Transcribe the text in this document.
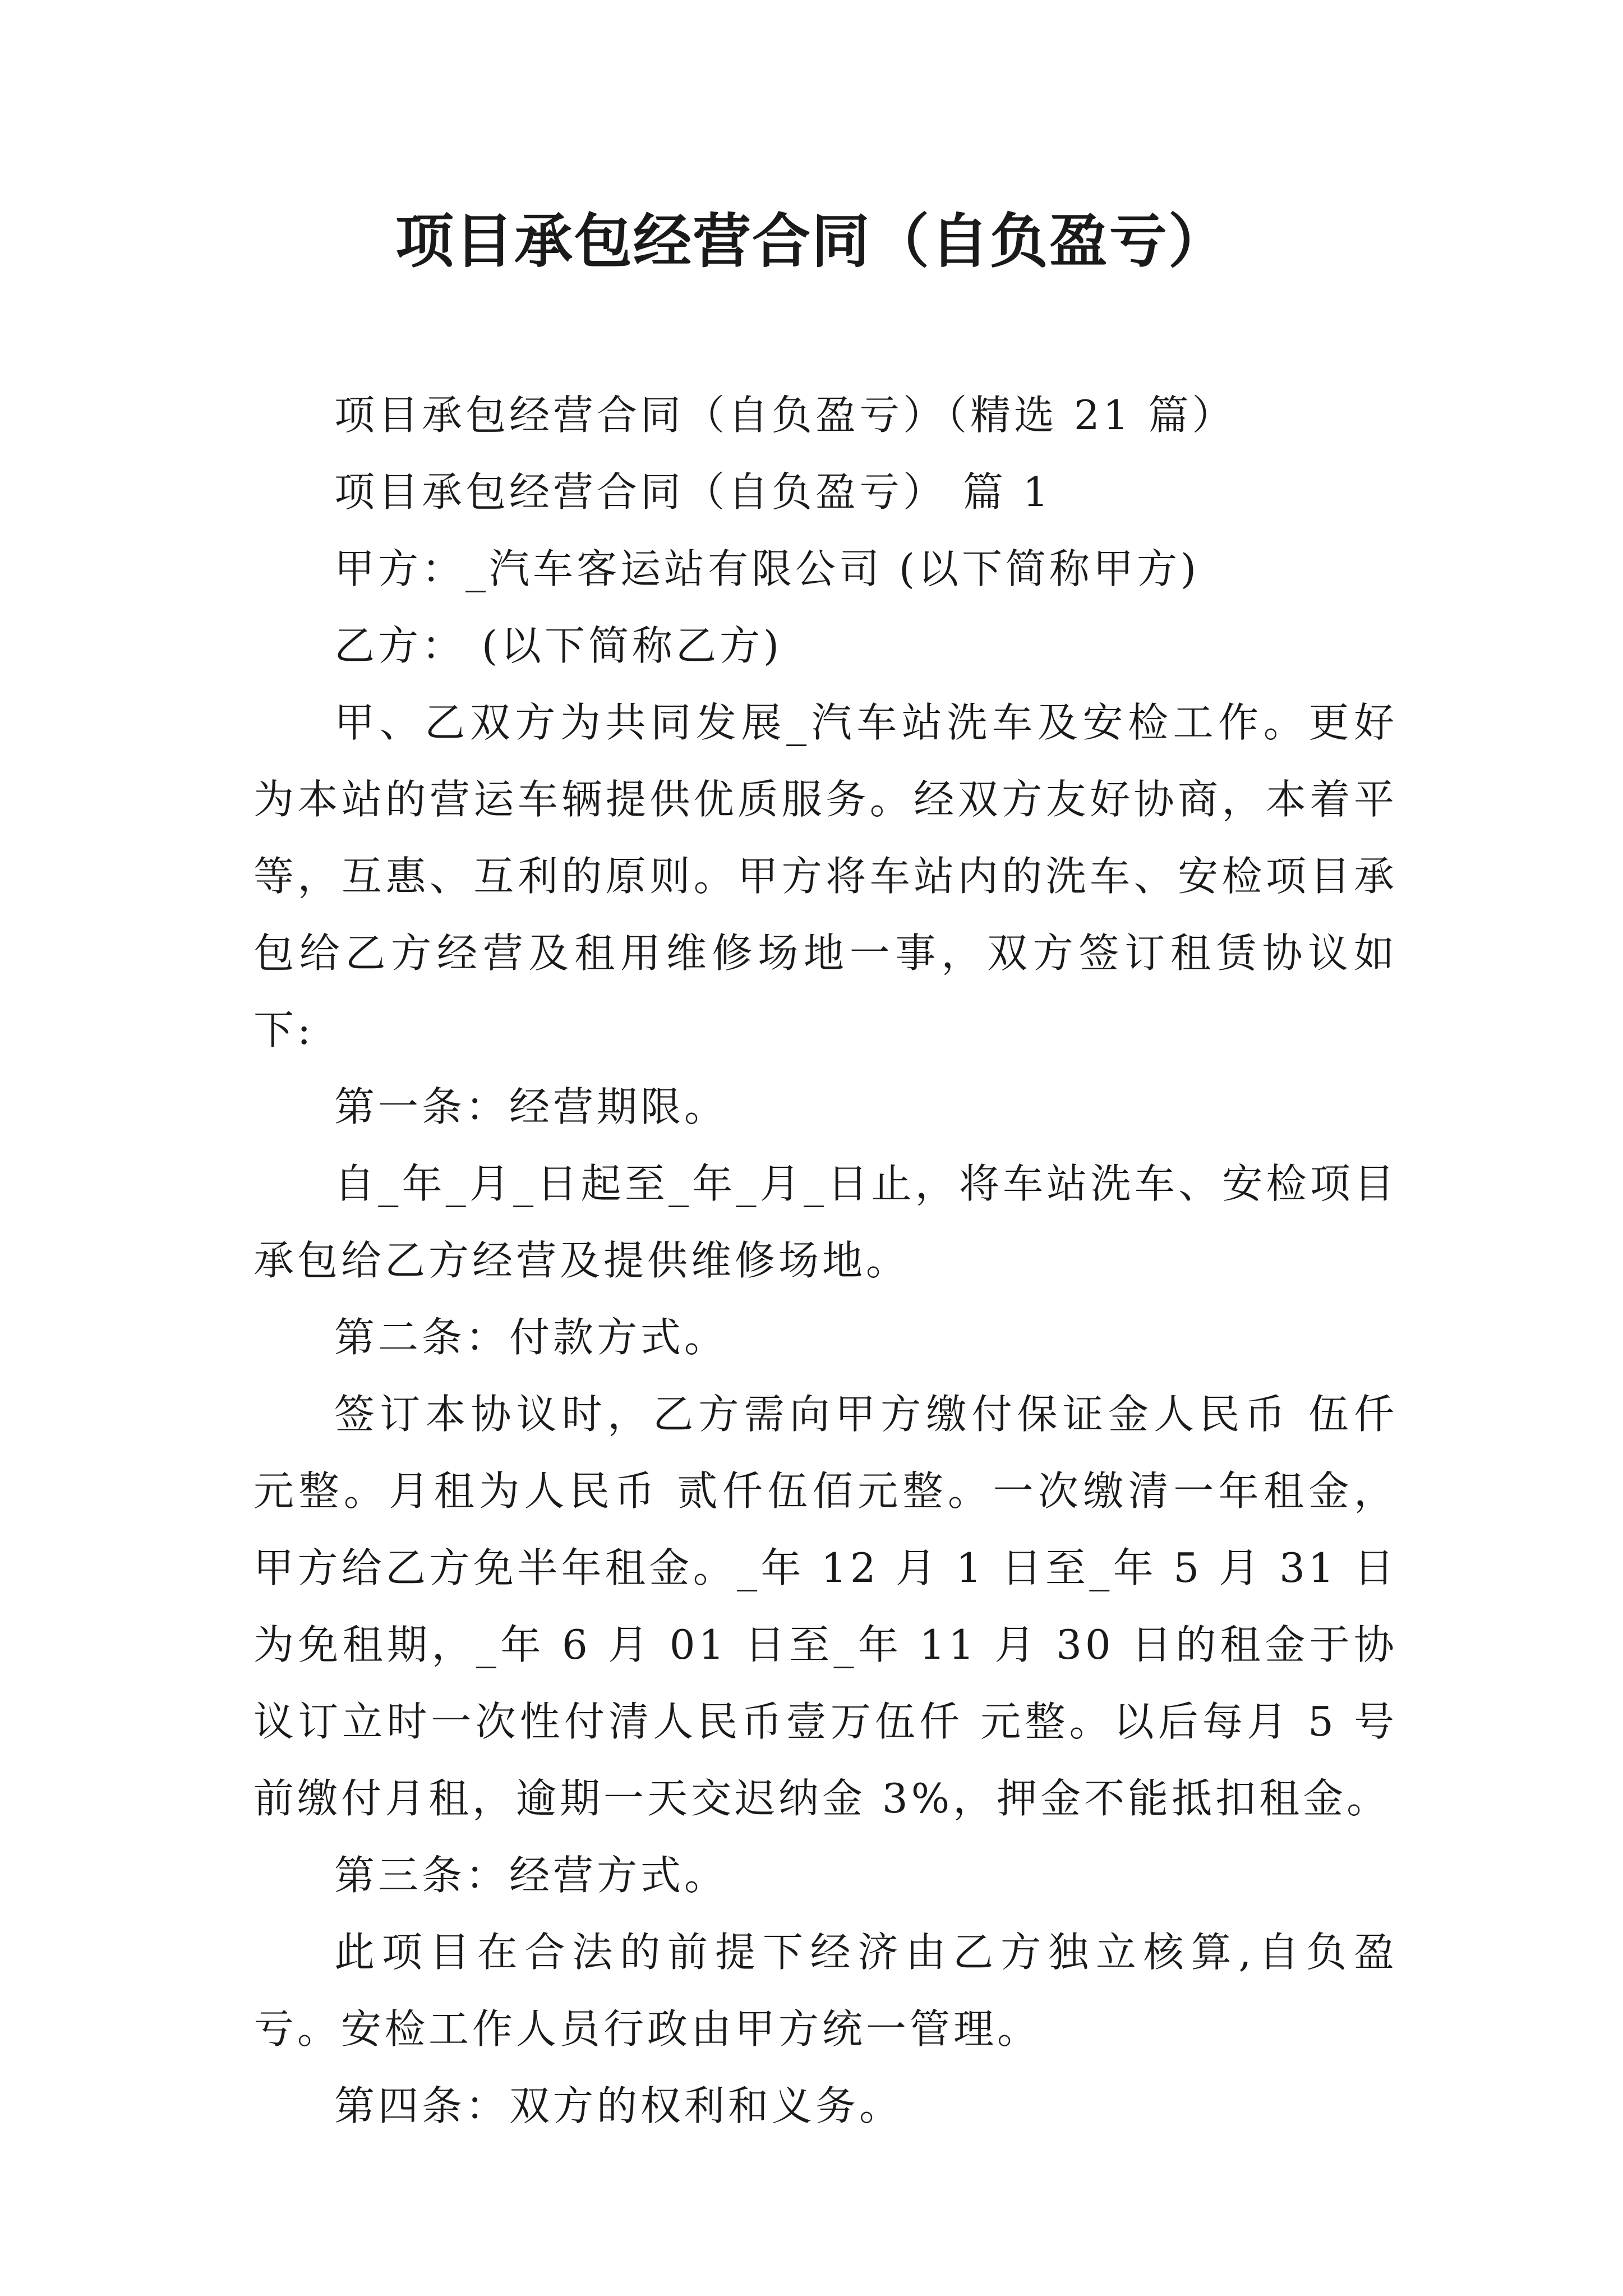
项目承包经营合同（自负盈亏）

项目承包经营合同（自负盈亏）（精选 21 篇）

项目承包经营合同（自负盈亏） 篇 1

甲方：_汽车客运站有限公司 (以下简称甲方)

乙方： (以下简称乙方)

甲、乙双方为共同发展_汽车站洗车及安检工作。更好为本站的营运车辆提供优质服务。经双方友好协商，本着平等，互惠、互利的原则。甲方将车站内的洗车、安检项目承包给乙方经营及租用维修场地一事，双方签订租赁协议如下:

第一条：经营期限。

自_年_月_日起至_年_月_日止，将车站洗车、安检项目承包给乙方经营及提供维修场地。

第二条：付款方式。

签订本协议时，乙方需向甲方缴付保证金人民币 伍仟元整。月租为人民币 贰仟伍佰元整。一次缴清一年租金，甲方给乙方免半年租金。_年 12 月 1 日至_年 5 月 31 日为免租期，_年 6 月 01 日至_年 11 月 30 日的租金于协议订立时一次性付清人民币壹万伍仟 元整。以后每月 5 号前缴付月租，逾期一天交迟纳金 3%，押金不能抵扣租金。

第三条：经营方式。

此项目在合法的前提下经济由乙方独立核算,自负盈亏。安检工作人员行政由甲方统一管理。

第四条：双方的权利和义务。
